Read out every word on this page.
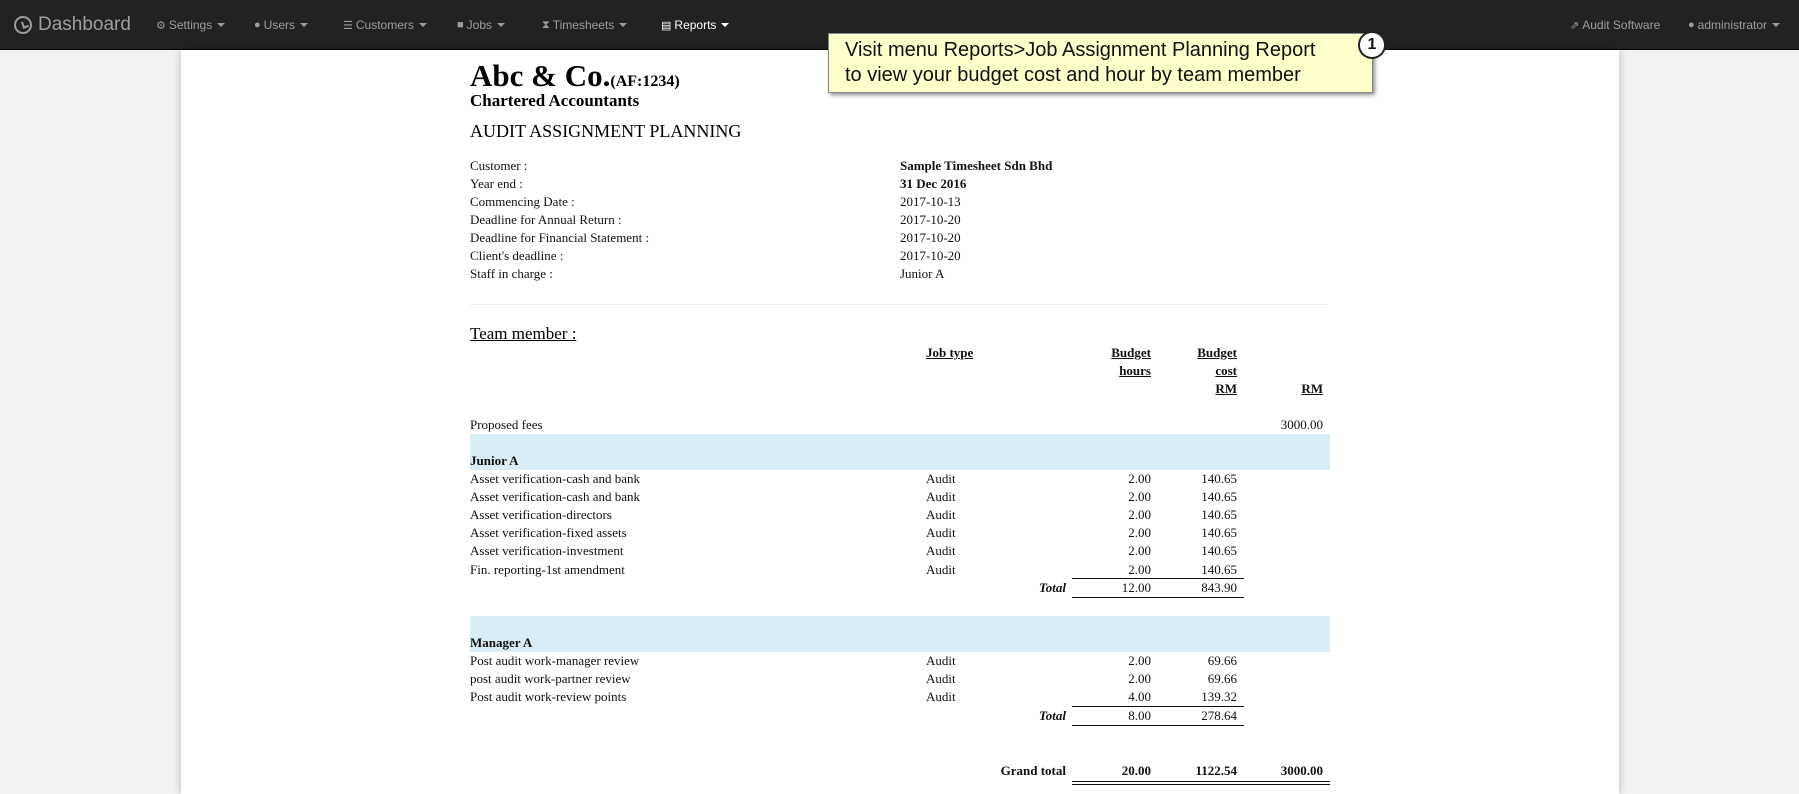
Dashboard ⚙ Settings	● Users	☰ Customers	■ Jobs	⧗ Timesheets	▤ Reports	⇗ Audit Software	● administrator
Abc & Co.(AF:1234)
Chartered Accountants
AUDIT ASSIGNMENT PLANNING
Customer :	Sample Timesheet Sdn Bhd
Year end :	31 Dec 2016
Commencing Date :	2017-10-13
Deadline for Annual Return :	2017-10-20
Deadline for Financial Statement :	2017-10-20
Client's deadline :	2017-10-20
Staff in charge :	Junior A
Team member :
Job type	Budget
hours
Budget
cost
RM	RM
Proposed fees	3000.00
Junior A
Asset verification-cash and bank	Audit	2.00	140.65
Asset verification-cash and bank	Audit	2.00	140.65
Asset verification-directors	Audit	2.00	140.65
Asset verification-fixed assets	Audit	2.00	140.65
Asset verification-investment	Audit	2.00	140.65
Fin. reporting-1st amendment	Audit	2.00	140.65
Total	12.00	843.90
Manager A
Post audit work-manager review	Audit	2.00	69.66
post audit work-partner review	Audit	2.00	69.66
Post audit work-review points	Audit	4.00	139.32
Total	8.00	278.64
Grand total	20.00	1122.54	3000.00
Visit menu Reports>Job Assignment Planning Report
to view your budget cost and hour by team member
1
